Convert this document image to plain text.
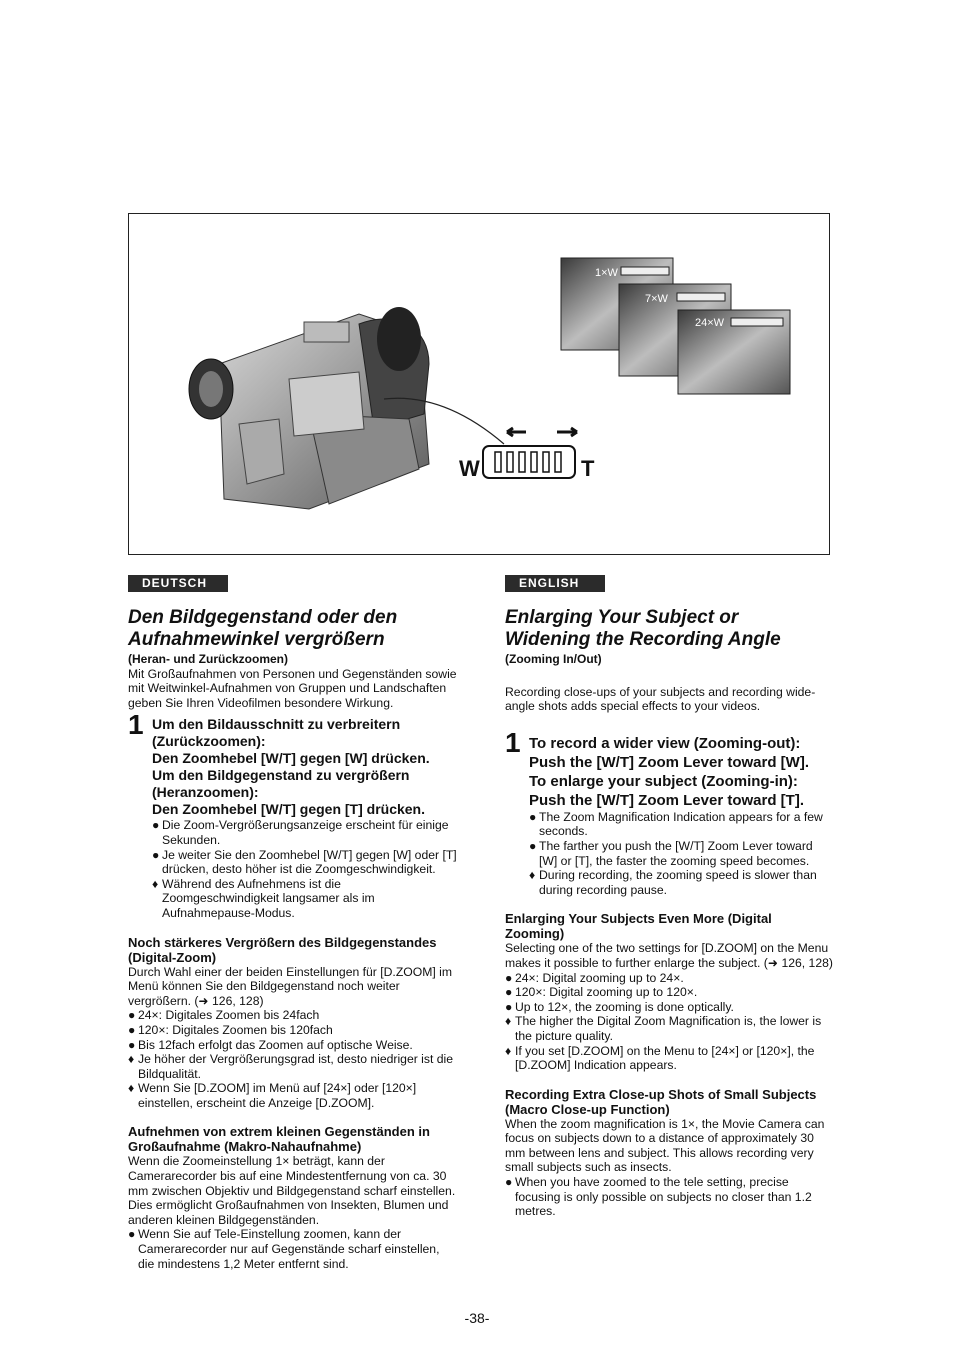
W	T
1×W
7×W
24×W
DEUTSCH	ENGLISH
Den Bildgegenstand oder den
Aufnahmewinkel vergrößern
(Heran- und Zurückzoomen)

Mit Großaufnahmen von Personen und Gegenständen sowie mit Weitwinkel-Aufnahmen von Gruppen und Landschaften geben Sie Ihren Videofilmen besondere Wirkung.

1 Um den Bildausschnitt zu verbreitern (Zurückzoomen):
Den Zoomhebel [W/T] gegen [W] drücken.
Um den Bildgegenstand zu vergrößern (Heranzoomen):
Den Zoomhebel [W/T] gegen [T] drücken.
● Die Zoom-Vergrößerungsanzeige erscheint für einige Sekunden.
● Je weiter Sie den Zoomhebel [W/T] gegen [W] oder [T] drücken, desto höher ist die Zoomgeschwindigkeit.
♦ Während des Aufnehmens ist die Zoomgeschwindigkeit langsamer als im Aufnahmepause-Modus.
Noch stärkeres Vergrößern des Bildgegenstandes (Digital-Zoom)

Durch Wahl einer der beiden Einstellungen für [D.ZOOM] im Menü können Sie den Bildgegenstand noch weiter vergrößern. (➜ 126, 128)

● 24×: Digitales Zoomen bis 24fach
● 120×: Digitales Zoomen bis 120fach
● Bis 12fach erfolgt das Zoomen auf optische Weise.
♦ Je höher der Vergrößerungsgrad ist, desto niedriger ist die Bildqualität.
♦ Wenn Sie [D.ZOOM] im Menü auf [24×] oder [120×] einstellen, erscheint die Anzeige [D.ZOOM].
Aufnehmen von extrem kleinen Gegenständen in Großaufnahme (Makro-Nahaufnahme)

Wenn die Zoomeinstellung 1× beträgt, kann der Camerarecorder bis auf eine Mindestentfernung von ca. 30 mm zwischen Objektiv und Bildgegenstand scharf einstellen. Dies ermöglicht Großaufnahmen von Insekten, Blumen und anderen kleinen Bildgegenständen.

● Wenn Sie auf Tele-Einstellung zoomen, kann der Camerarecorder nur auf Gegenstände scharf einstellen, die mindestens 1,2 Meter entfernt sind.
Enlarging Your Subject or
Widening the Recording Angle
(Zooming In/Out)

Recording close-ups of your subjects and recording wide-angle shots adds special effects to your videos.

1 To record a wider view (Zooming-out): Push the [W/T] Zoom Lever toward [W].
To enlarge your subject (Zooming-in): Push the [W/T] Zoom Lever toward [T].
● The Zoom Magnification Indication appears for a few seconds.
● The farther you push the [W/T] Zoom Lever toward [W] or [T], the faster the zooming speed becomes.
♦ During recording, the zooming speed is slower than during recording pause.
Enlarging Your Subjects Even More (Digital Zooming)

Selecting one of the two settings for [D.ZOOM] on the Menu makes it possible to further enlarge the subject. (➜ 126, 128)

● 24×: Digital zooming up to 24×.
● 120×: Digital zooming up to 120×.
● Up to 12×, the zooming is done optically.
♦ The higher the Digital Zoom Magnification is, the lower is the picture quality.
♦ If you set [D.ZOOM] on the Menu to [24×] or [120×], the [D.ZOOM] Indication appears.
Recording Extra Close-up Shots of Small Subjects (Macro Close-up Function)

When the zoom magnification is 1×, the Movie Camera can focus on subjects down to a distance of approximately 30 mm between lens and subject. This allows recording very small subjects such as insects.

● When you have zoomed to the tele setting, precise focusing is only possible on subjects no closer than 1.2 metres.
-38-
